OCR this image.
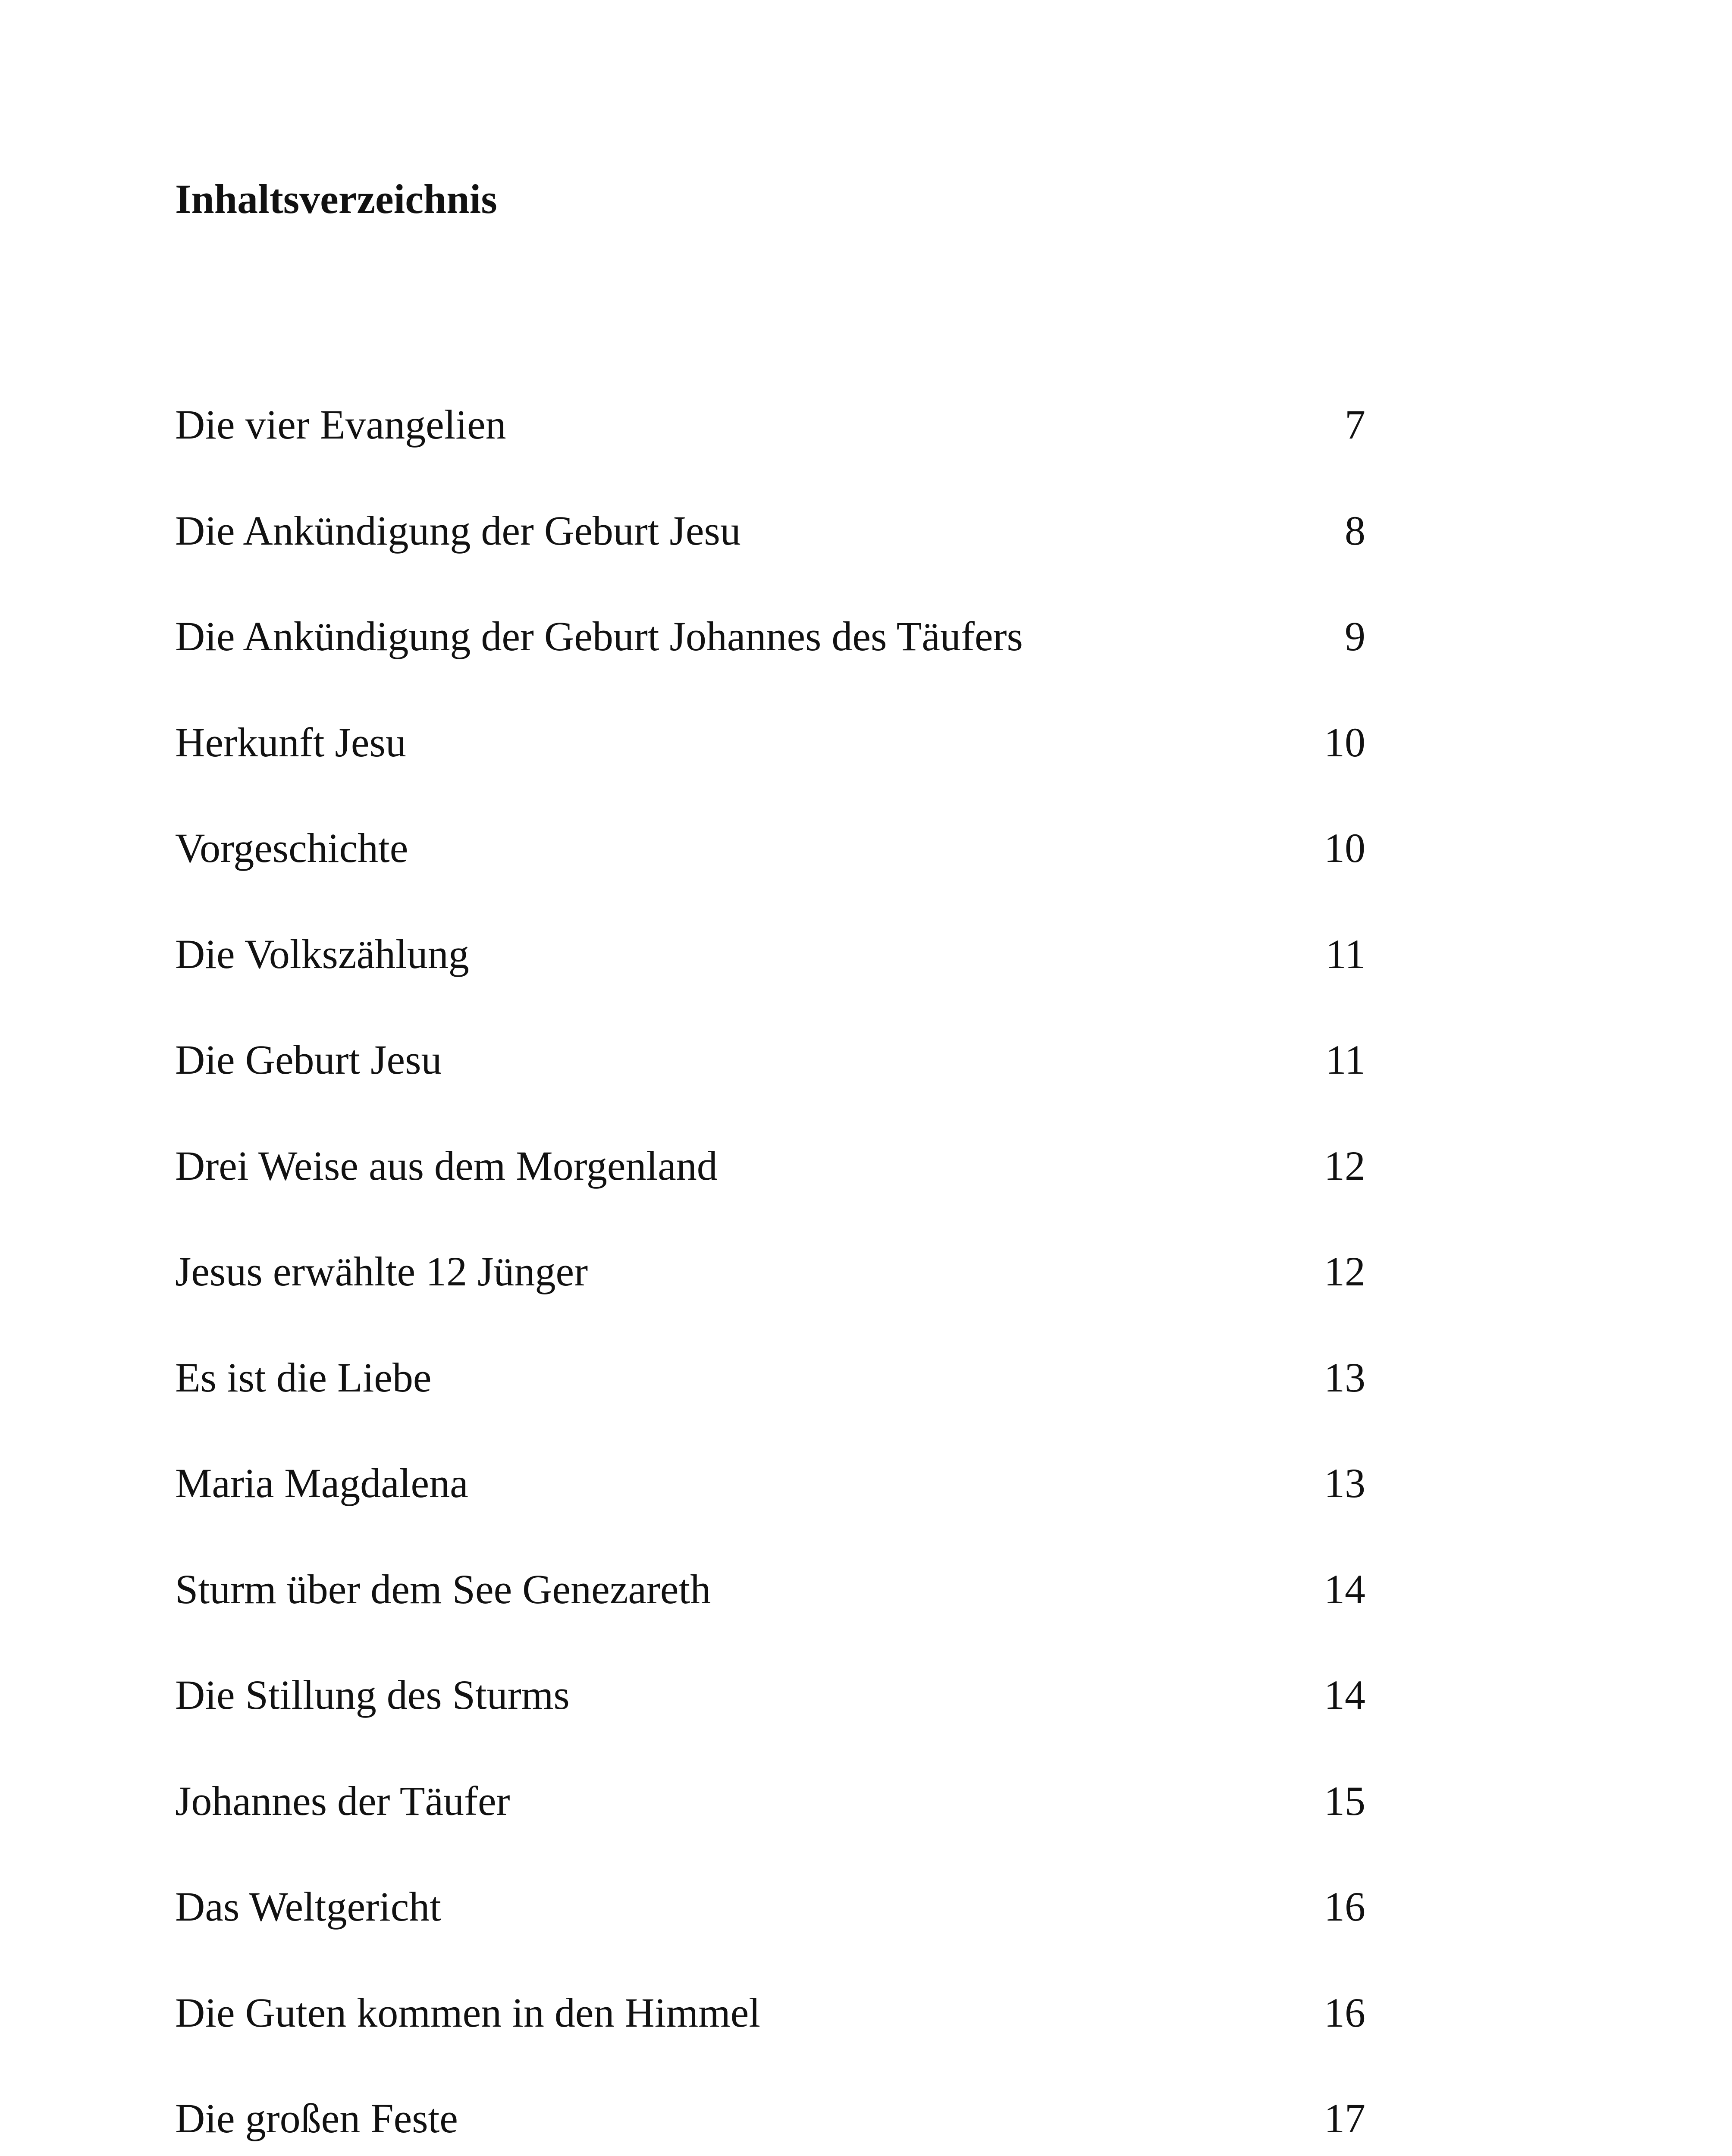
Inhaltsverzeichnis
Die vier Evangelien	7
Die Ankündigung der Geburt Jesu	8
Die Ankündigung der Geburt Johannes des Täufers	9
Herkunft Jesu	10
Vorgeschichte	10
Die Volkszählung	11
Die Geburt Jesu	11
Drei Weise aus dem Morgenland	12
Jesus erwählte 12 Jünger	12
Es ist die Liebe	13
Maria Magdalena	13
Sturm über dem See Genezareth	14
Die Stillung des Sturms	14
Johannes der Täufer	15
Das Weltgericht	16
Die Guten kommen in den Himmel	16
Die großen Feste	17
